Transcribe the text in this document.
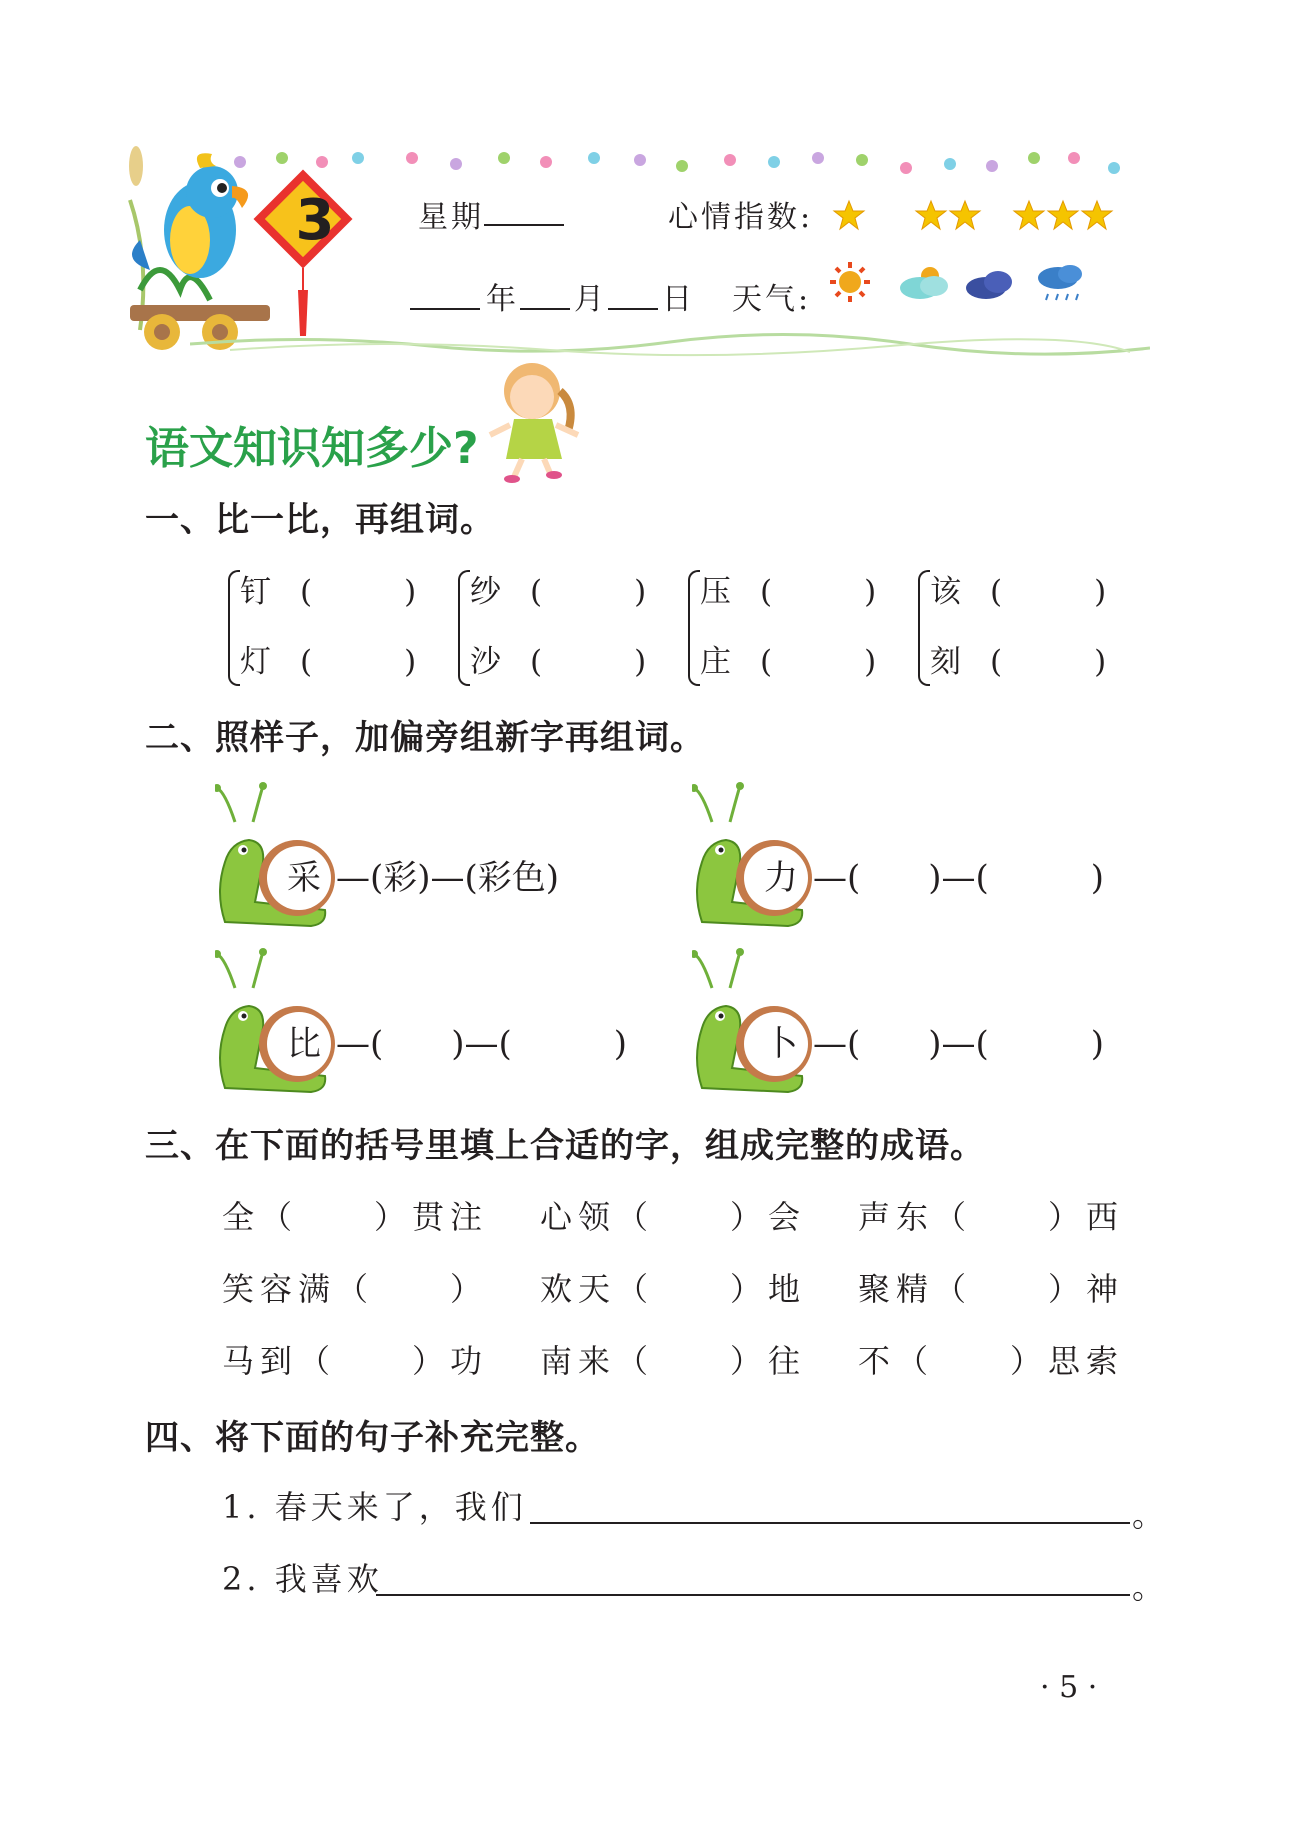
3	星期	心情指数:
年 月 日 天气:
语文知识知多少?
一、比一比，再组词。
钉 (	)
灯 (	)
纱 (	)
沙 (	)
压 (	)
庄 (	)
该 (	)
刻 (	)
二、照样子，加偏旁组新字再组词。
采 —(彩)—(彩色)	力 —(　　)—(　　　)
比 —(　　)—(　　　)	卜 —(　　)—(　　　)
三、在下面的括号里填上合适的字，组成完整的成语。
全（　　）贯注 心领（　　）会 声东（　　）西
笑容满（　　） 欢天（　　）地 聚精（　　）神
马到（　　）功 南来（　　）往 不（　　）思索
四、将下面的句子补充完整。
1. 春天来了，我们	。
2. 我喜欢	。
· 5 ·
